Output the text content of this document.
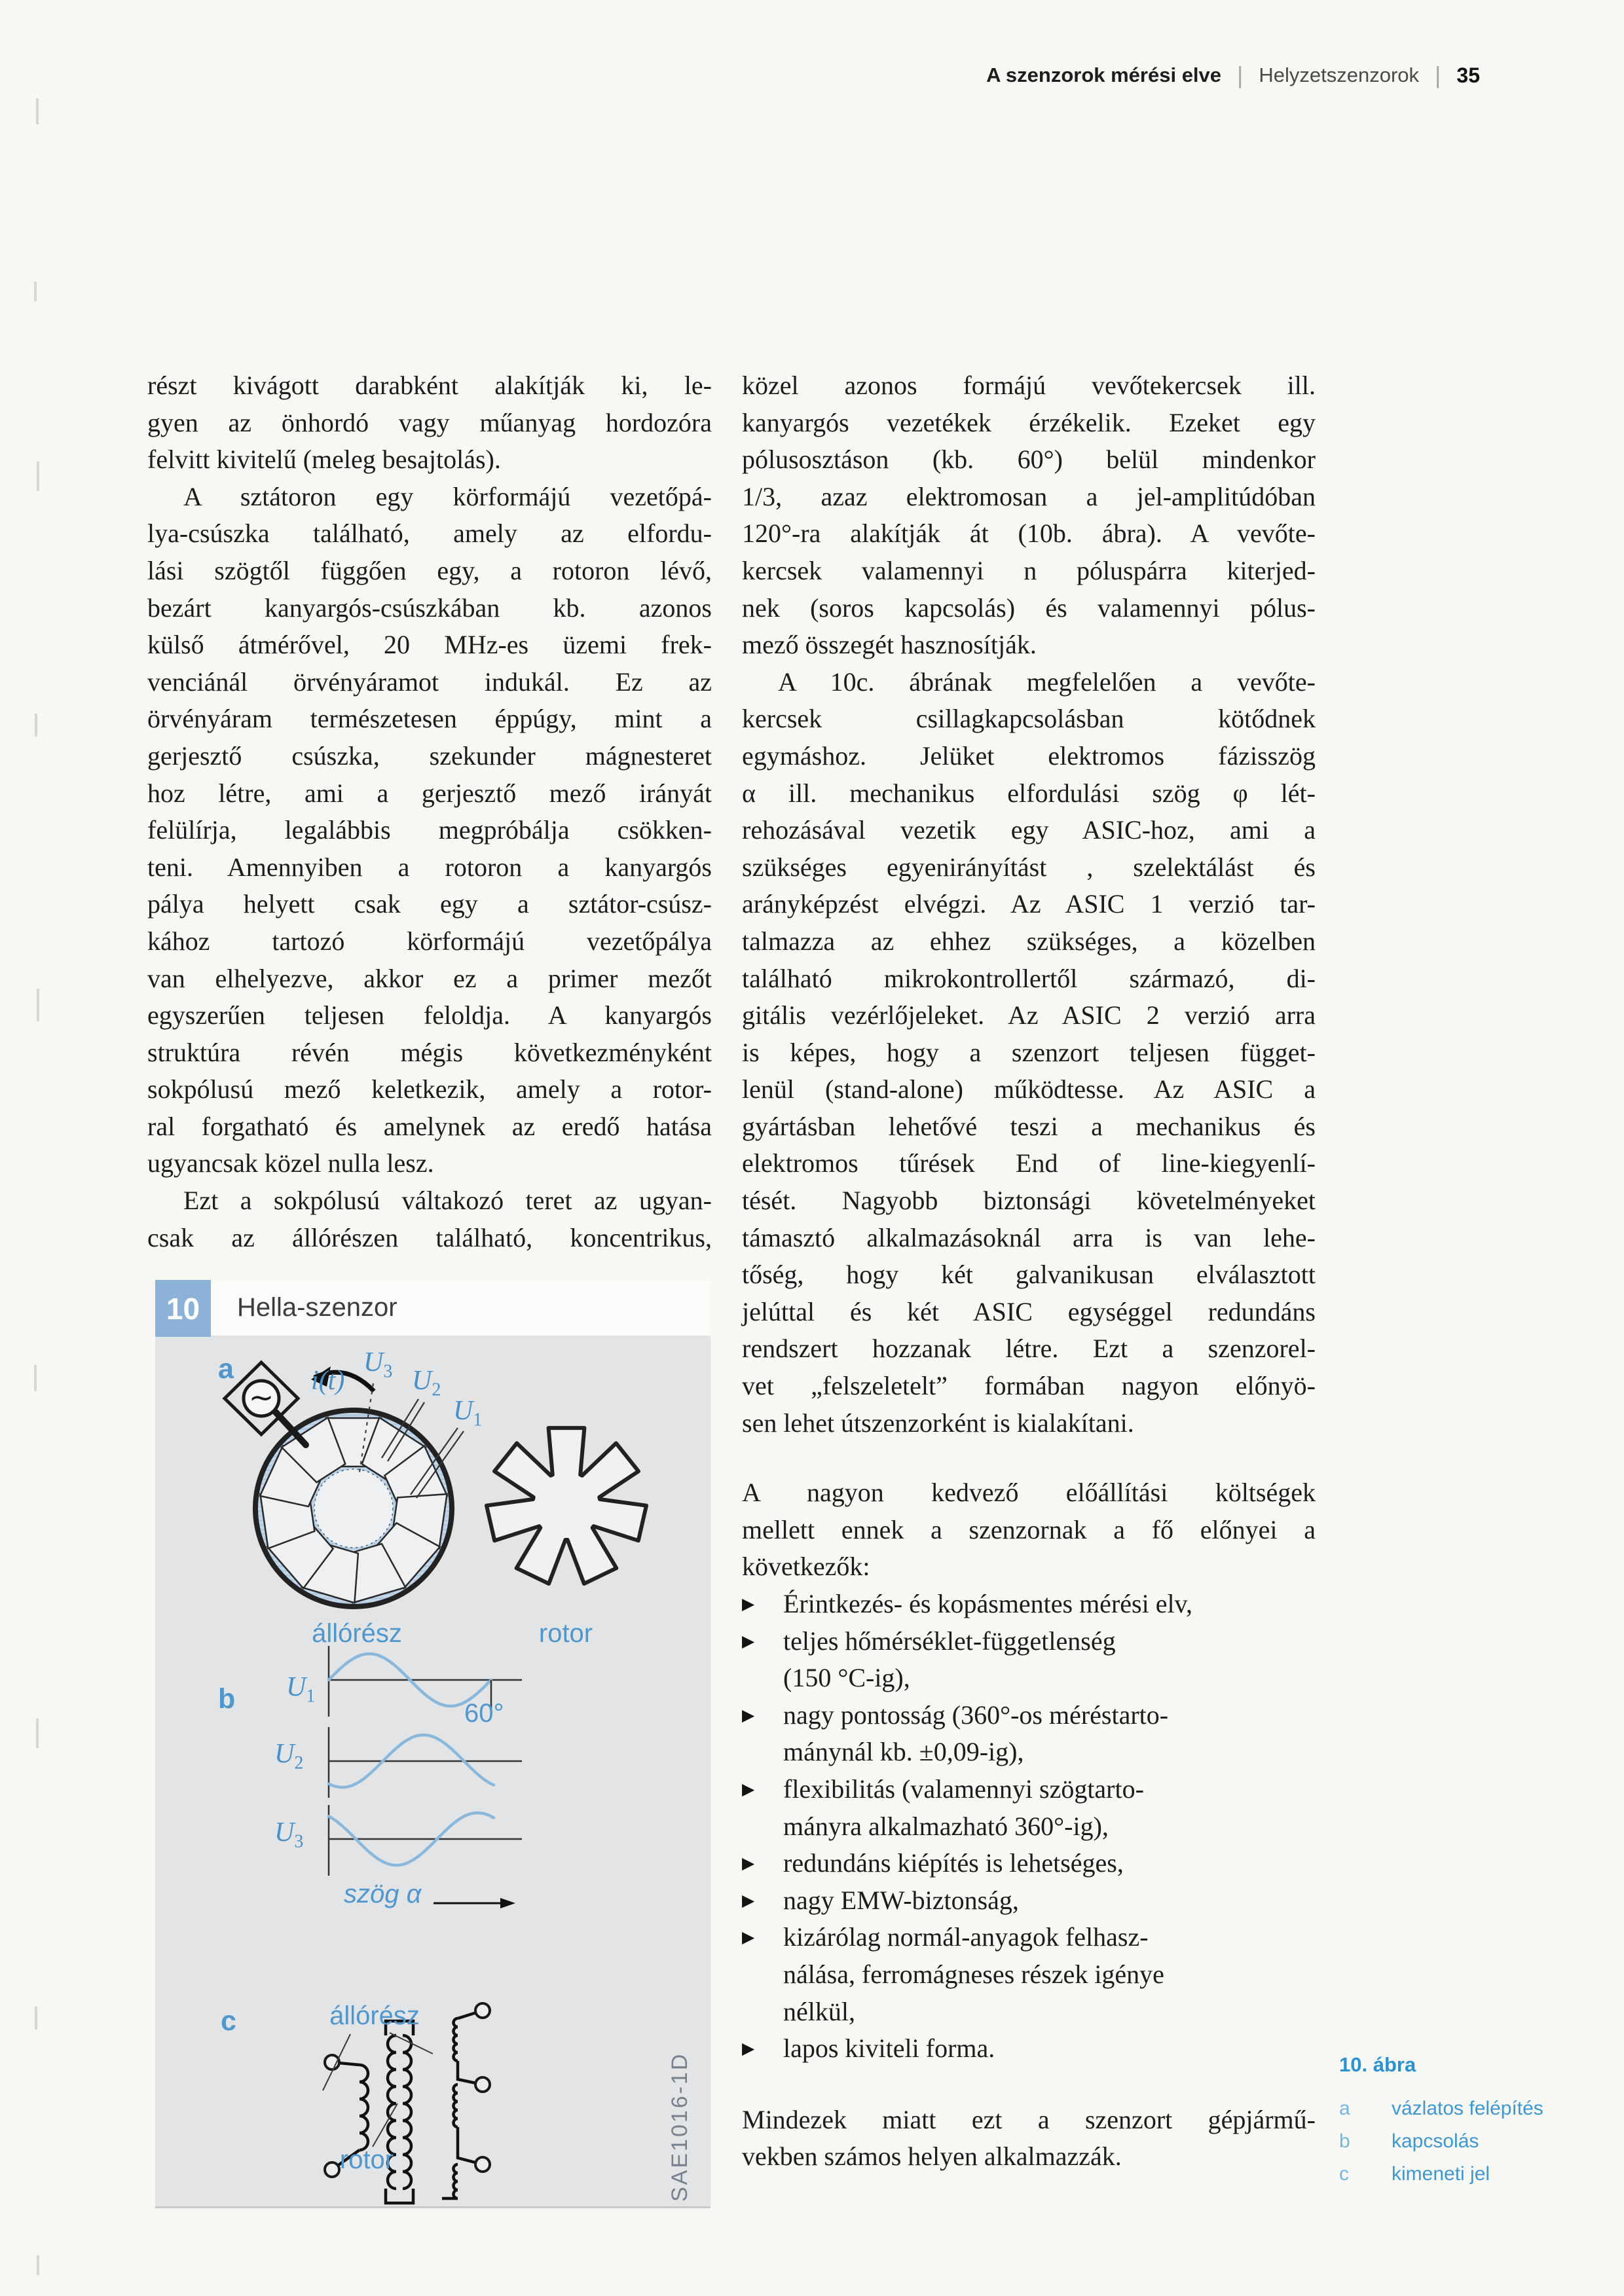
A szenzorok mérési elve | Helyzetszenzorok | 35
részt kivágott darabként alakítják ki, le-
gyen az önhordó vagy műanyag hordozóra
felvitt kivitelű (meleg besajtolás).
A sztátoron egy körformájú vezetőpá-
lya-csúszka található, amely az elfordu-
lási szögtől függően egy, a rotoron lévő,
bezárt kanyargós-csúszkában kb. azonos
külső átmérővel, 20 MHz-es üzemi frek-
venciánál örvényáramot indukál. Ez az
örvényáram természetesen éppúgy, mint a
gerjesztő csúszka, szekunder mágnesteret
hoz létre, ami a gerjesztő mező irányát
felülírja, legalábbis megpróbálja csökken-
teni. Amennyiben a rotoron a kanyargós
pálya helyett csak egy a sztátor-csúsz-
kához tartozó körformájú vezetőpálya
van elhelyezve, akkor ez a primer mezőt
egyszerűen teljesen feloldja. A kanyargós
struktúra révén mégis következményként
sokpólusú mező keletkezik, amely a rotor-
ral forgatható és amelynek az eredő hatása
ugyancsak közel nulla lesz.
Ezt a sokpólusú váltakozó teret az ugyan-
csak az állórészen található, koncentrikus,
közel azonos formájú vevőtekercsek ill.
kanyargós vezetékek érzékelik. Ezeket egy
pólusosztáson (kb. 60°) belül mindenkor
1/3, azaz elektromosan a jel-amplitúdóban
120°-ra alakítják át (10b. ábra). A vevőte-
kercsek valamennyi n póluspárra kiterjed-
nek (soros kapcsolás) és valamennyi pólus-
mező összegét hasznosítják.
A 10c. ábrának megfelelően a vevőte-
kercsek csillagkapcsolásban kötődnek
egymáshoz. Jelüket elektromos fázisszög
α ill. mechanikus elfordulási szög φ lét-
rehozásával vezetik egy ASIC-hoz, ami a
szükséges egyenirányítást , szelektálást és
arányképzést elvégzi. Az ASIC 1 verzió tar-
talmazza az ehhez szükséges, a közelben
található mikrokontrollertől származó, di-
gitális vezérlőjeleket. Az ASIC 2 verzió arra
is képes, hogy a szenzort teljesen függet-
lenül (stand-alone) működtesse. Az ASIC a
gyártásban lehetővé teszi a mechanikus és
elektromos tűrések End of line-kiegyenlí-
tését. Nagyobb biztonsági követelményeket
támasztó alkalmazásoknál arra is van lehe-
tőség, hogy két galvanikusan elválasztott
jelúttal és két ASIC egységgel redundáns
rendszert hozzanak létre. Ezt a szenzorel-
vet „felszeletelt” formában nagyon előnyö-
sen lehet útszenzorként is kialakítani.
A nagyon kedvező előállítási költségek
mellett ennek a szenzornak a fő előnyei a
következők:
▶	Érintkezés- és kopásmentes mérési elv,
▶	teljes hőmérséklet-függetlenség
(150 °C-ig),
▶	nagy pontosság (360°-os méréstarto-
mánynál kb. ±0,09-ig),
▶	flexibilitás (valamennyi szögtarto-
mányra alkalmazható 360°-ig),
▶	redundáns kiépítés is lehetséges,
▶	nagy EMW-biztonság,
▶	kizárólag normál-anyagok felhasz-
nálása, ferromágneses részek igénye
nélkül,
▶	lapos kiviteli forma.
Mindezek miatt ezt a szenzort gépjármű-
vekben számos helyen alkalmazzák.
10	Hella-szenzor
a
~ i(t)
$U_3$ $U_2$
$U_1$
állórész	rotor
b $U_1$
$U_2$
$U_3$
60°
szög α
c	állórész
rotor	SAE1016-1D	10. ábra
a	vázlatos felépítés
b	kapcsolás
c	kimeneti jel
